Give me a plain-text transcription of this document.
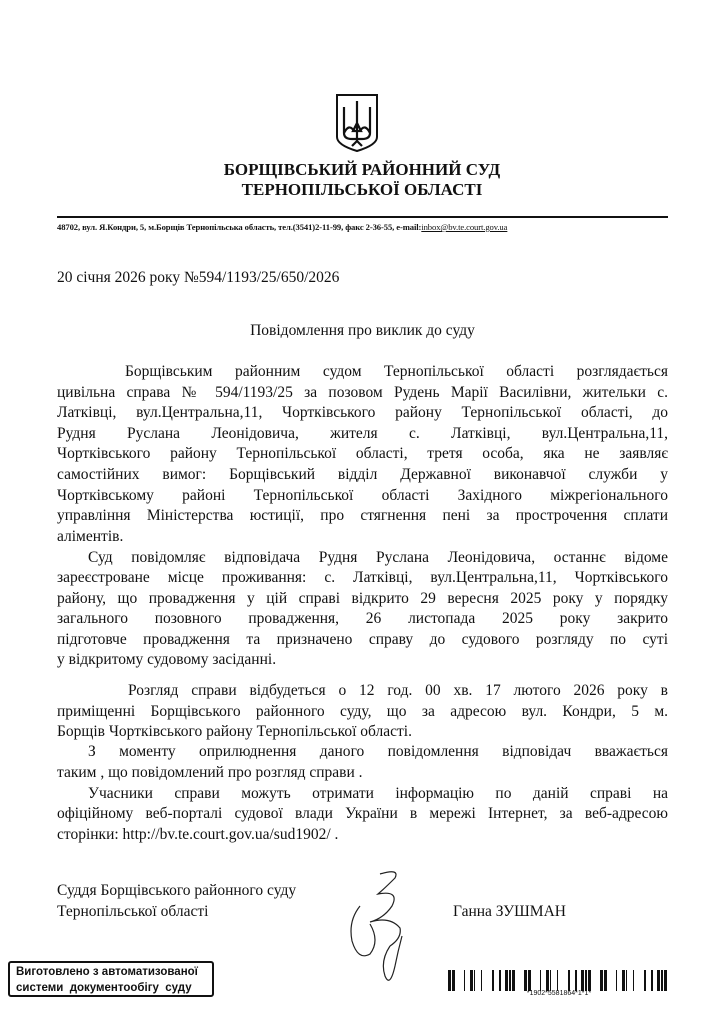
БОРЩІВСЬКИЙ РАЙОННИЙ СУД
ТЕРНОПІЛЬСЬКОЇ ОБЛАСТІ
48702, вул. Я.Кондри, 5, м.Борщів Тернопільська область, тел.(3541)2-11-99, факс 2-36-55, e-mail:inbox@bv.te.court.gov.ua
20 січня 2026 року №594/1193/25/650/2026
Повідомлення про виклик до суду
Борщівським районним судом Тернопільської області розглядається
цивільна справа № 594/1193/25 за позовом Рудень Марії Василівни, жительки с.
Латківці, вул.Центральна,11, Чортківського району Тернопільської області, до
Рудня Руслана Леонідовича, жителя с. Латківці, вул.Центральна,11,
Чортківського району Тернопільської області, третя особа, яка не заявляє
самостійних вимог: Борщівський відділ Державної виконавчої служби у
Чортківському районі Тернопільської області Західного міжрегіонального
управління Міністерства юстиції, про стягнення пені за прострочення сплати
аліментів.
Суд повідомляє відповідача Рудня Руслана Леонідовича, останнє відоме
зареєстроване місце проживання: с. Латківці, вул.Центральна,11, Чортківського
району, що провадження у цій справі відкрито 29 вересня 2025 року у порядку
загального позовного провадження, 26 листопада 2025 року закрито
підготовче провадження та призначено справу до судового розгляду по суті
у відкритому судовому засіданні.
Розгляд справи відбудеться о 12 год. 00 хв. 17 лютого 2026 року в
приміщенні Борщівського районного суду, що за адресою вул. Кондри, 5 м.
Борщів Чортківського району Тернопільської області.
З моменту оприлюднення даного повідомлення відповідач вважається
таким , що повідомлений про розгляд справи .
Учасники справи можуть отримати інформацію по даній справі на
офіційному веб-порталі судової влади України в мережі Інтернет, за веб-адресою
сторінки: http://bv.te.court.gov.ua/sud1902/ .
Суддя Борщівського районного суду
Тернопільської області	Ганна ЗУШМАН
Виготовлено з автоматизованої
системи  документообігу  суду	*1902*5581864*1*1*
